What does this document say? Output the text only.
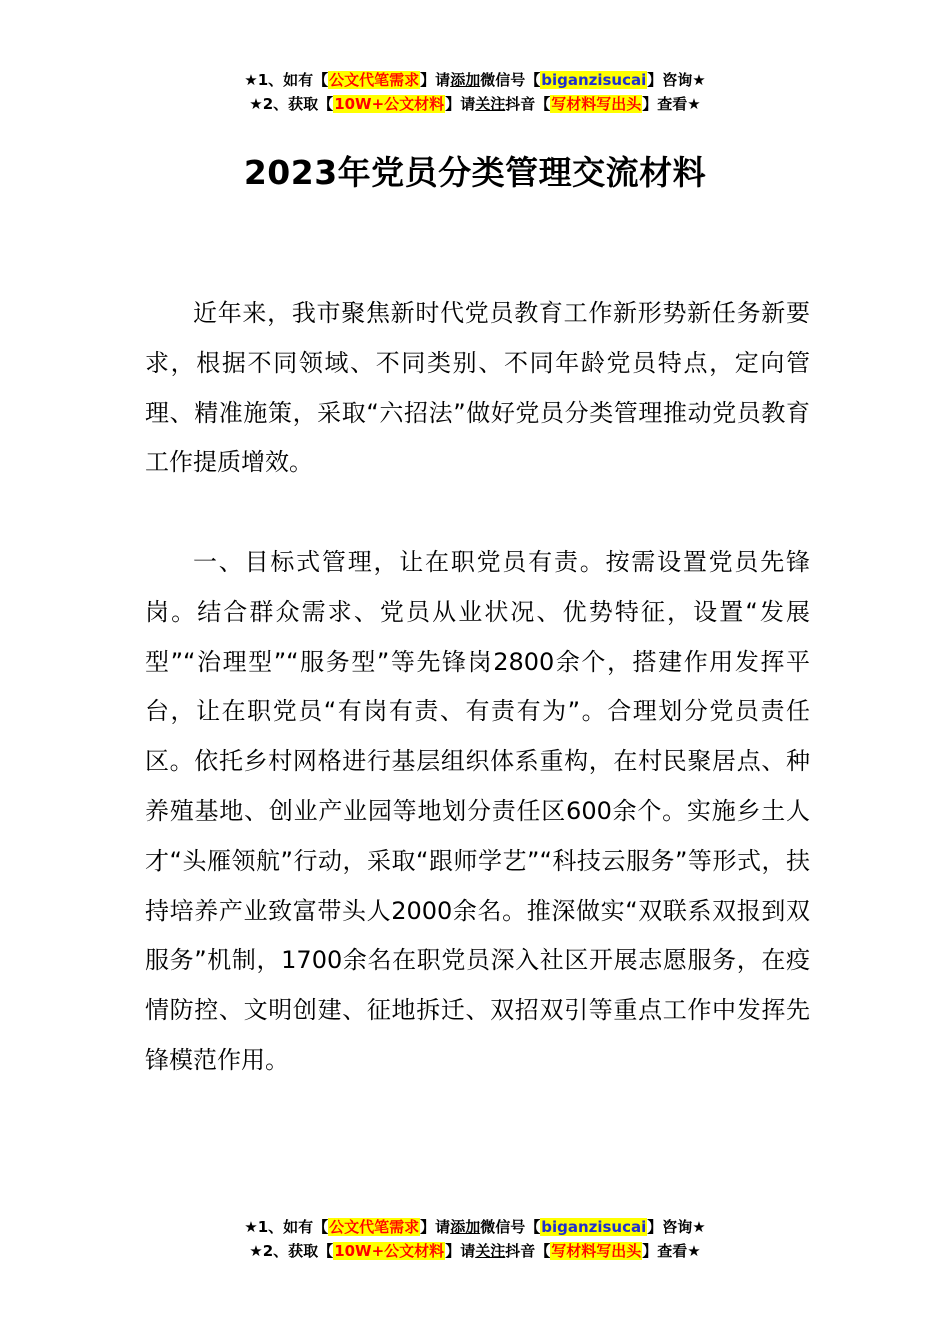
★1、如有【公文代笔需求】请添加微信号【biganzisucai】咨询★
★2、获取【10W+公文材料】请关注抖音【写材料写出头】查看★
2023年党员分类管理交流材料

近年来，我市聚焦新时代党员教育工作新形势新任务新要求，根据不同领域、不同类别、不同年龄党员特点，定向管理、精准施策，采取“六招法”做好党员分类管理推动党员教育工作提质增效。

一、目标式管理，让在职党员有责。按需设置党员先锋岗。结合群众需求、党员从业状况、优势特征，设置“发展型”“治理型”“服务型”等先锋岗2800余个，搭建作用发挥平台，让在职党员“有岗有责、有责有为”。合理划分党员责任区。依托乡村网格进行基层组织体系重构，在村民聚居点、种养殖基地、创业产业园等地划分责任区600余个。实施乡土人才“头雁领航”行动，采取“跟师学艺”“科技云服务”等形式，扶持培养产业致富带头人2000余名。推深做实“双联系双报到双服务”机制，1700余名在职党员深入社区开展志愿服务，在疫情防控、文明创建、征地拆迁、双招双引等重点工作中发挥先锋模范作用。

★1、如有【公文代笔需求】请添加微信号【biganzisucai】咨询★
★2、获取【10W+公文材料】请关注抖音【写材料写出头】查看★
